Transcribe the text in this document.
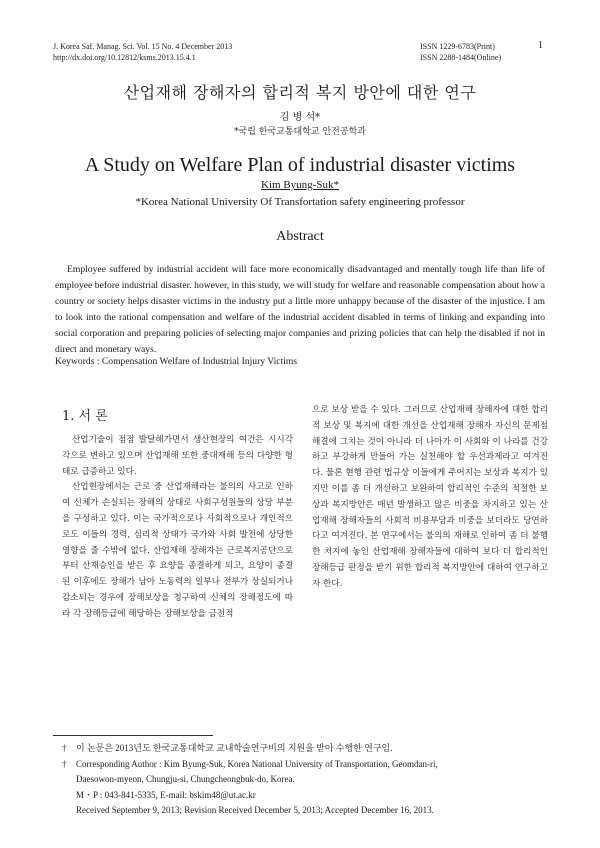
J. Korea Saf. Manag. Sci. Vol. 15 No. 4 December 2013
http://dx.doi.org/10.12812/ksms.2013.15.4.1
ISSN 1229-6783(Print)
ISSN 2288-1484(Online)
1
산업재해 장해자의 합리적 복지 방안에 대한 연구
김 병 석*
*국립 한국교통대학교 안전공학과
A Study on Welfare Plan of industrial disaster victims
Kim Byung-Suk*
*Korea National University Of Transfortation safety engineering professor
Abstract
Employee suffered by industrial accident will face more economically disadvantaged and mentally tough life than life of employee before industrial disaster. however, in this study, we will study for welfare and reasonable compensation about how a country or society helps disaster victims in the industry put a little more unhappy because of the disaster of the injustice. I am to look into the rational compensation and welfare of the industrial accident disabled in terms of linking and expanding into social corporation and preparing policies of selecting major companies and prizing policies that can help the disabled if not in direct and monetary ways.
Keywords : Compensation Welfare of Industrial Injury Victims
1. 서 론

산업기술이 점점 발달해가면서 생산현장의 여건은 시시각각으로 변하고 있으며 산업재해 또한 중대재해 등의 다양한 형태로 급증하고 있다.

산업현장에서는 근로 중 산업재해라는 불의의 사고로 인하여 신체가 손실되는 장해의 상태로 사회구성원들의 상당 부분을 구성하고 있다. 이는 국가적으로나 사회적으로나 개인적으로도 이들의 경력, 심리적 상태가 국가와 사회 발전에 상당한 영향을 줄 수밖에 없다. 산업재해 장해자는 근로복지공단으로부터 산재승인을 받은 후 요양을 종결하게 되고, 요양이 종결된 이후에도 장해가 남아 노동력의 일부나 전부가 상실되거나 감소되는 경우에 장해보상을 청구하여 신체의 장해정도에 따라 각 장해등급에 해당하는 장해보상을 금전적

으로 보상 받을 수 있다. 그러므로 산업재해 장해자에 대한 합리적 보상 및 복지에 대한 개선을 산업재해 장해자 자신의 문제점 해결에 그치는 것이 아니라 더 나아가 이 사회와 이 나라를 건강하고 부강하게 만들어 가는 실천해야 할 우선과제라고 여겨진다. 물론 현행 관련 법규상 이들에게 주어지는 보상과 복지가 있지만 이를 좀 더 개선하고 보완하여 합리적인 수준의 적절한 보상과 복지방안은 매년 발생하고 많은 비중을 차지하고 있는 산업재해 장해자들의 사회적 비용부담과 비중을 보더라도 당연하다고 여겨진다. 본 연구에서는 불의의 재해로 인하여 좀 더 불행한 처지에 놓인 산업재해 장해자들에 대하여 보다 더 합리적인 장해등급 판정을 받기 위한 합리적 복지방안에 대하여 연구하고자 한다.

† 이 논문은 2013년도 한국교통대학교 교내학술연구비의 지원을 받아 수행한 연구임.
† Corresponding Author : Kim Byung-Suk, Korea National University of Transportation, Geomdan-ri,
Daesowon-myeon, Chungju-si, Chungcheongbuk-do, Korea.
M・P : 043-841-5335, E-mail: bskim48@ut.ac.kr
Received September 9, 2013; Revision Received December 5, 2013; Accepted December 16, 2013.
